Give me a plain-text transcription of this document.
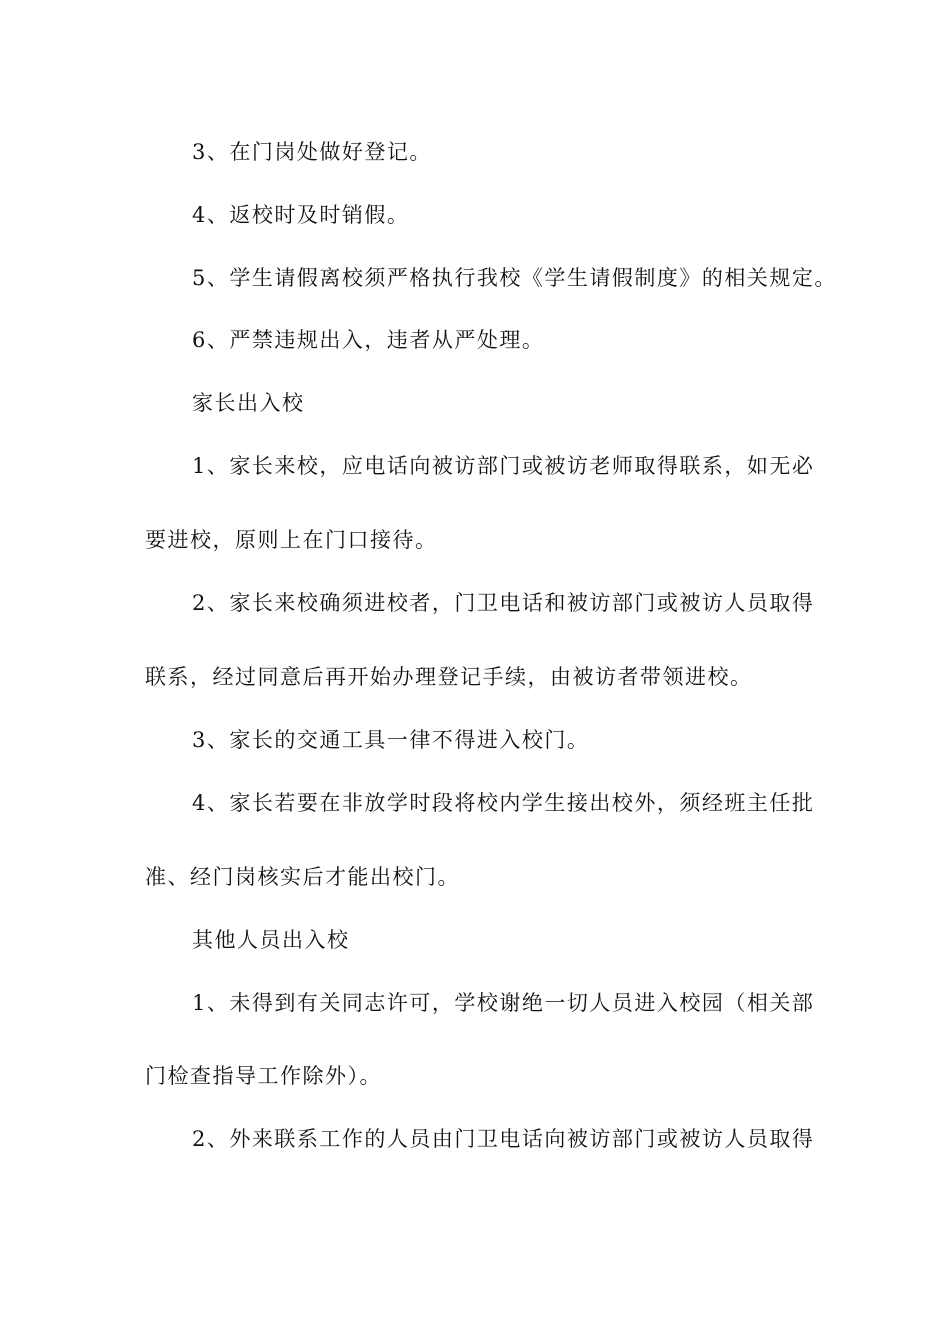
3、在门岗处做好登记。
4、返校时及时销假。
5、学生请假离校须严格执行我校《学生请假制度》的相关规定。
6、严禁违规出入，违者从严处理。
家长出入校
1、家长来校，应电话向被访部门或被访老师取得联系，如无必
要进校，原则上在门口接待。
2、家长来校确须进校者，门卫电话和被访部门或被访人员取得
联系，经过同意后再开始办理登记手续，由被访者带领进校。
3、家长的交通工具一律不得进入校门。
4、家长若要在非放学时段将校内学生接出校外，须经班主任批
准、经门岗核实后才能出校门。
其他人员出入校
1、未得到有关同志许可，学校谢绝一切人员进入校园（相关部
门检查指导工作除外）。
2、外来联系工作的人员由门卫电话向被访部门或被访人员取得
